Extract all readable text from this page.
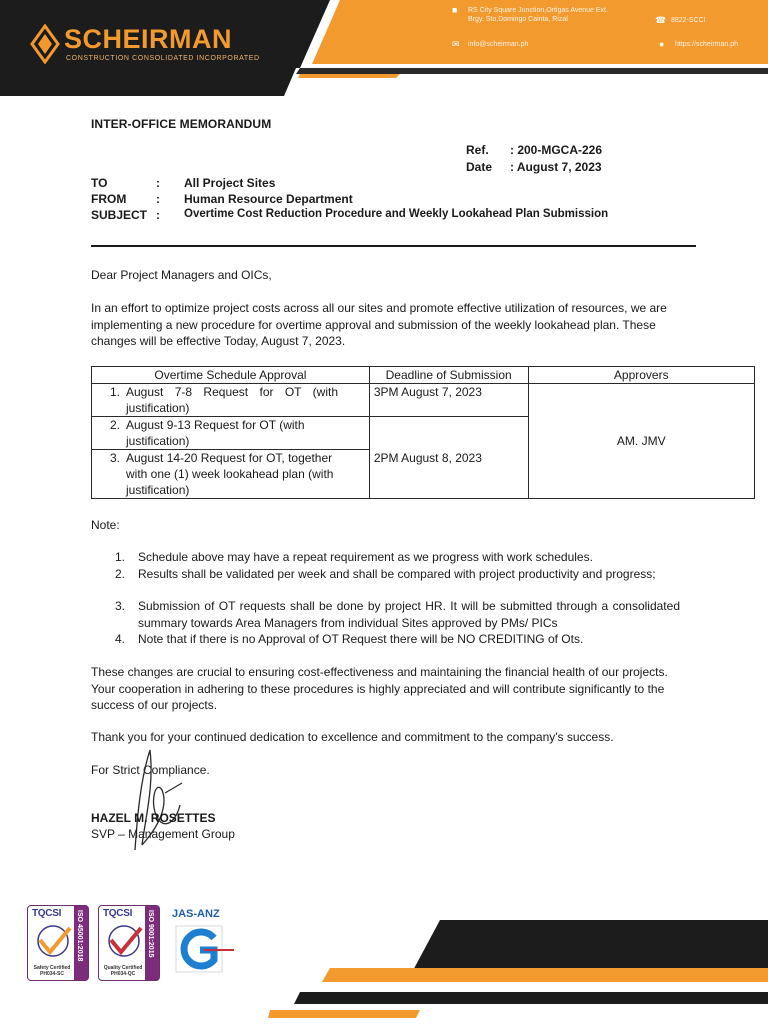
SCHEIRMAN
CONSTRUCTION CONSOLIDATED INCORPORATED
■ RS City Square Junction,Ortigas Avenue Ext.
Brgy. Sto.Domingo Cainta, Rizal	☎ 8822-SCCI
✉ info@scheirman.ph	● https://scheirman.ph
INTER-OFFICE MEMORANDUM
Ref. : 200-MGCA-226
Date : August 7, 2023
TO	: All Project Sites
FROM : Human Resource Department
SUBJECT : Overtime Cost Reduction Procedure and Weekly Lookahead Plan Submission

Dear Project Managers and OICs,

In an effort to optimize project costs across all our sites and promote effective utilization of resources, we are implementing a new procedure for overtime approval and submission of the weekly lookahead plan. These changes will be effective Today, August 7, 2023.

Overtime Schedule Approval	Deadline of Submission	Approvers
1. August 7-8 Request for OT (with justification)	3PM August 7, 2023	AM. JMV
2. August 9-13 Request for OT (with justification)	2PM August 8, 2023	
3. August 14-20 Request for OT, together with one (1) week lookahead plan (with justification)		

Note:

1. Schedule above may have a repeat requirement as we progress with work schedules.
2. Results shall be validated per week and shall be compared with project productivity and progress;
3. Submission of OT requests shall be done by project HR. It will be submitted through a consolidated summary towards Area Managers from individual Sites approved by PMs/ PICs
4. Note that if there is no Approval of OT Request there will be NO CREDITING of Ots.

These changes are crucial to ensuring cost-effectiveness and maintaining the financial health of our projects. Your cooperation in adhering to these procedures is highly appreciated and will contribute significantly to the success of our projects.

Thank you for your continued dedication to excellence and commitment to the company's success.

For Strict Compliance.

HAZEL M. ROSETTES

SVP – Management Group

TQCSI ISO 45001:2018
Safety Certified
PH034-SC
TQCSI ISO 9001:2015
Quality Certified
PH034-QC
JAS-ANZ
